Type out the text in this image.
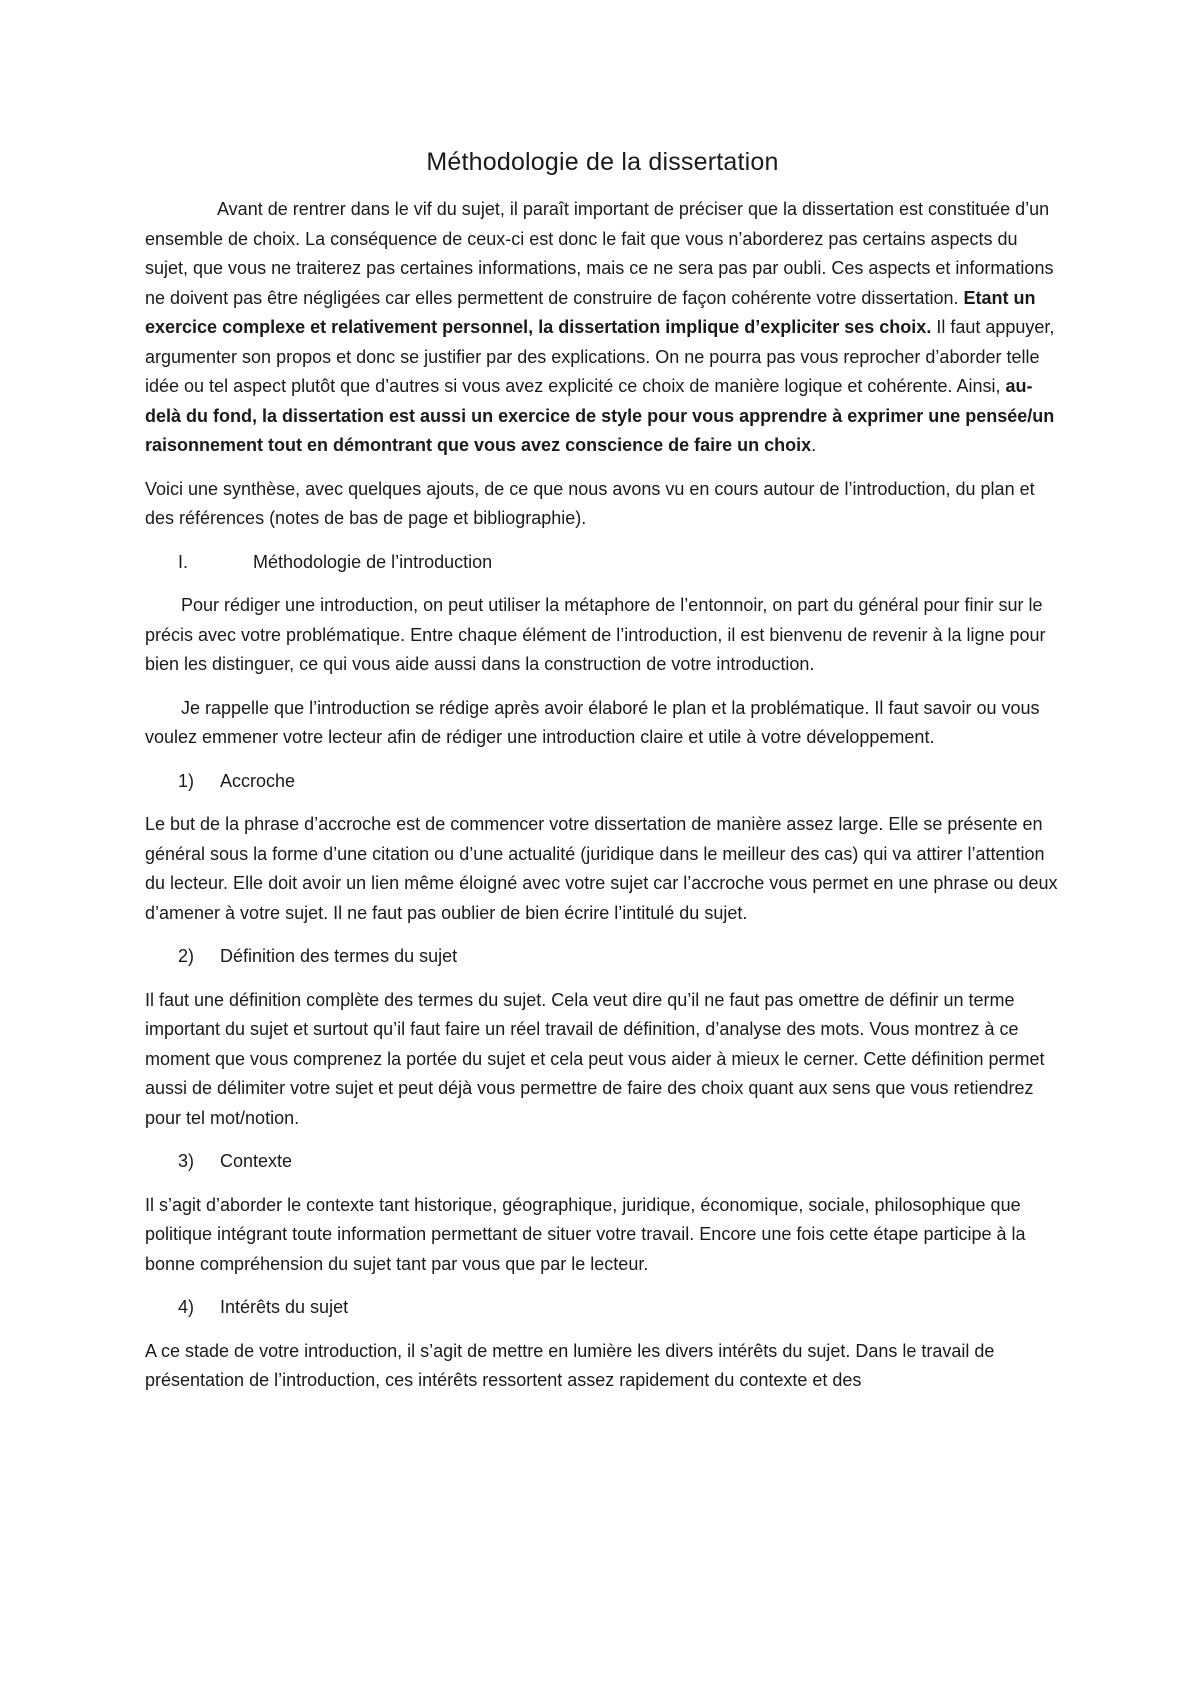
Méthodologie de la dissertation

Avant de rentrer dans le vif du sujet, il paraît important de préciser que la dissertation est constituée d’un ensemble de choix. La conséquence de ceux-ci est donc le fait que vous n’aborderez pas certains aspects du sujet, que vous ne traiterez pas certaines informations, mais ce ne sera pas par oubli. Ces aspects et informations ne doivent pas être négligées car elles permettent de construire de façon cohérente votre dissertation. Etant un exercice complexe et relativement personnel, la dissertation implique d’expliciter ses choix. Il faut appuyer, argumenter son propos et donc se justifier par des explications. On ne pourra pas vous reprocher d’aborder telle idée ou tel aspect plutôt que d’autres si vous avez explicité ce choix de manière logique et cohérente. Ainsi, au-delà du fond, la dissertation est aussi un exercice de style pour vous apprendre à exprimer une pensée/un raisonnement tout en démontrant que vous avez conscience de faire un choix.

Voici une synthèse, avec quelques ajouts, de ce que nous avons vu en cours autour de l’introduction, du plan et des références (notes de bas de page et bibliographie).

I.	Méthodologie de l’introduction

Pour rédiger une introduction, on peut utiliser la métaphore de l’entonnoir, on part du général pour finir sur le précis avec votre problématique. Entre chaque élément de l’introduction, il est bienvenu de revenir à la ligne pour bien les distinguer, ce qui vous aide aussi dans la construction de votre introduction.

Je rappelle que l’introduction se rédige après avoir élaboré le plan et la problématique. Il faut savoir ou vous voulez emmener votre lecteur afin de rédiger une introduction claire et utile à votre développement.

1)	Accroche

Le but de la phrase d’accroche est de commencer votre dissertation de manière assez large. Elle se présente en général sous la forme d’une citation ou d’une actualité (juridique dans le meilleur des cas) qui va attirer l’attention du lecteur. Elle doit avoir un lien même éloigné avec votre sujet car l’accroche vous permet en une phrase ou deux d’amener à votre sujet. Il ne faut pas oublier de bien écrire l’intitulé du sujet.

2)	Définition des termes du sujet

Il faut une définition complète des termes du sujet. Cela veut dire qu’il ne faut pas omettre de définir un terme important du sujet et surtout qu’il faut faire un réel travail de définition, d’analyse des mots. Vous montrez à ce moment que vous comprenez la portée du sujet et cela peut vous aider à mieux le cerner. Cette définition permet aussi de délimiter votre sujet et peut déjà vous permettre de faire des choix quant aux sens que vous retiendrez pour tel mot/notion.

3)	Contexte

Il s’agit d’aborder le contexte tant historique, géographique, juridique, économique, sociale, philosophique que politique intégrant toute information permettant de situer votre travail. Encore une fois cette étape participe à la bonne compréhension du sujet tant par vous que par le lecteur.

4)	Intérêts du sujet

A ce stade de votre introduction, il s’agit de mettre en lumière les divers intérêts du sujet. Dans le travail de présentation de l’introduction, ces intérêts ressortent assez rapidement du contexte et des
